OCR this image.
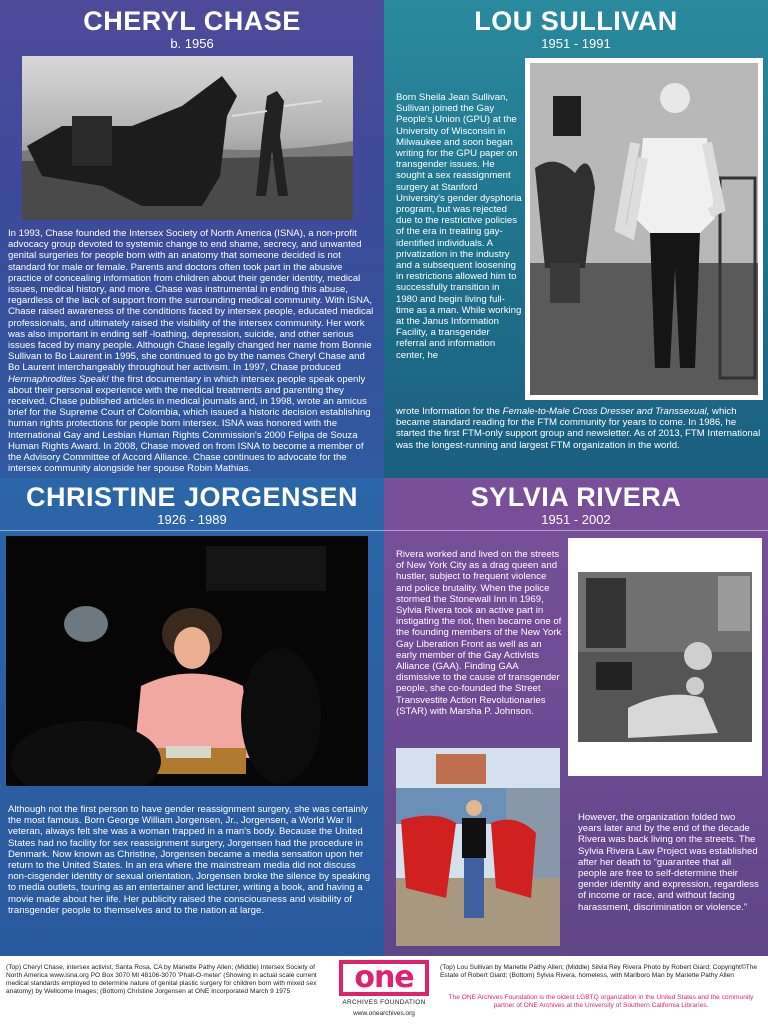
CHERYL CHASE
b. 1956
In 1993, Chase founded the Intersex Society of North America (ISNA), a non-profit advocacy group devoted to systemic change to end shame, secrecy, and unwanted genital surgeries for people born with an anatomy that someone decided is not standard for male or female. Parents and doctors often took part in the abusive practice of concealing information from children about their gender identity, medical issues, medical history, and more. Chase was instrumental in ending this abuse, regardless of the lack of support from the surrounding medical community. With ISNA, Chase raised awareness of the conditions faced by intersex people, educated medical professionals, and ultimately raised the visibility of the intersex community. Her work was also important in ending self -loathing, depression, suicide, and other serious issues faced by many people. Although Chase legally changed her name from Bonnie Sullivan to Bo Laurent in 1995, she continued to go by the names Cheryl Chase and Bo Laurent interchangeably throughout her activism. In 1997, Chase produced Hermaphrodites Speak! the first documentary in which intersex people speak openly about their personal experience with the medical treatments and parenting they received. Chase published articles in medical journals and, in 1998, wrote an amicus brief for the Supreme Court of Colombia, which issued a historic decision establishing human rights protections for people born intersex. ISNA was honored with the International Gay and Lesbian Human Rights Commission's 2000 Felipa de Souza Human Rights Award. In 2008, Chase moved on from ISNA to become a member of the Advisory Committee of Accord Alliance. Chase continues to advocate for the intersex community alongside her spouse Robin Mathias.
LOU SULLIVAN
1951 - 1991
Born Sheila Jean Sullivan, Sullivan joined the Gay People's Union (GPU) at the University of Wisconsin in Milwaukee and soon began writing for the GPU paper on transgender issues. He sought a sex reassignment surgery at Stanford University's gender dysphoria program, but was rejected due to the restrictive policies of the era in treating gay-identified individuals. A privatization in the industry and a subsequent loosening in restrictions allowed him to successfully transition in 1980 and begin living full-time as a man. While working at the Janus Information Facility, a transgender referral and information center, he
wrote Information for the Female-to-Male Cross Dresser and Transsexual, which became standard reading for the FTM community for years to come. In 1986, he started the first FTM-only support group and newsletter. As of 2013, FTM International was the longest-running and largest FTM organization in the world.
CHRISTINE JORGENSEN
1926 - 1989
Although not the first person to have gender reassignment surgery, she was certainly the most famous. Born George William Jorgensen, Jr., Jorgensen, a World War II veteran, always felt she was a woman trapped in a man's body. Because the United States had no facility for sex reassignment surgery, Jorgensen had the procedure in Denmark. Now known as Christine, Jorgensen became a media sensation upon her return to the United States. In an era where the mainstream media did not discuss non-cisgender identity or sexual orientation, Jorgensen broke the silence by speaking to media outlets, touring as an entertainer and lecturer, writing a book, and having a movie made about her life. Her publicity raised the consciousness and visibility of transgender people to themselves and to the nation at large.
SYLVIA RIVERA
1951 - 2002
Rivera worked and lived on the streets of New York City as a drag queen and hustler, subject to frequent violence and police brutality. When the police stormed the Stonewall Inn in 1969, Sylvia Rivera took an active part in instigating the riot, then became one of the founding members of the New York Gay Liberation Front as well as an early member of the Gay Activists Alliance (GAA). Finding GAA dismissive to the cause of transgender people, she co-founded the Street Transvestite Action Revolutionaries (STAR) with Marsha P. Johnson.
However, the organization folded two years later and by the end of the decade Rivera was back living on the streets. The Sylvia Rivera Law Project was established after her death to “guarantee that all people are free to self-determine their gender identity and expression, regardless of income or race, and without facing harassment, discrimination or violence.”
(Top) Cheryl Chase, intersex activist, Santa Rosa, CA by Mariette Pathy Allen; (Middle) Intersex Society of North America www.isna.org PO Box 3070 MI 48106-3070 'Phall-O-meter' (Showing in actual scale current medical standards employed to determine nature of genital plastic surgery for children born with mixed sex anatomy) by Wellcome Images; (Bottom) Christine Jorgensen at ONE Incorporated March 9 1975	one
ARCHIVES FOUNDATION
www.onearchives.org
(Top) Lou Sullivan by Mariette Pathy Allen; (Middle) Silvia Rey Rivera Photo by Robert Giard; Copyright©The Estate of Robert Giard; (Bottom) Sylvia Rivera, homeless, with Marlboro Man by Mariette Pathy Allen
The ONE Archives Foundation is the oldest LGBTQ organization in the United States and the community partner of ONE Archives at the University of Southern California Libraries.
